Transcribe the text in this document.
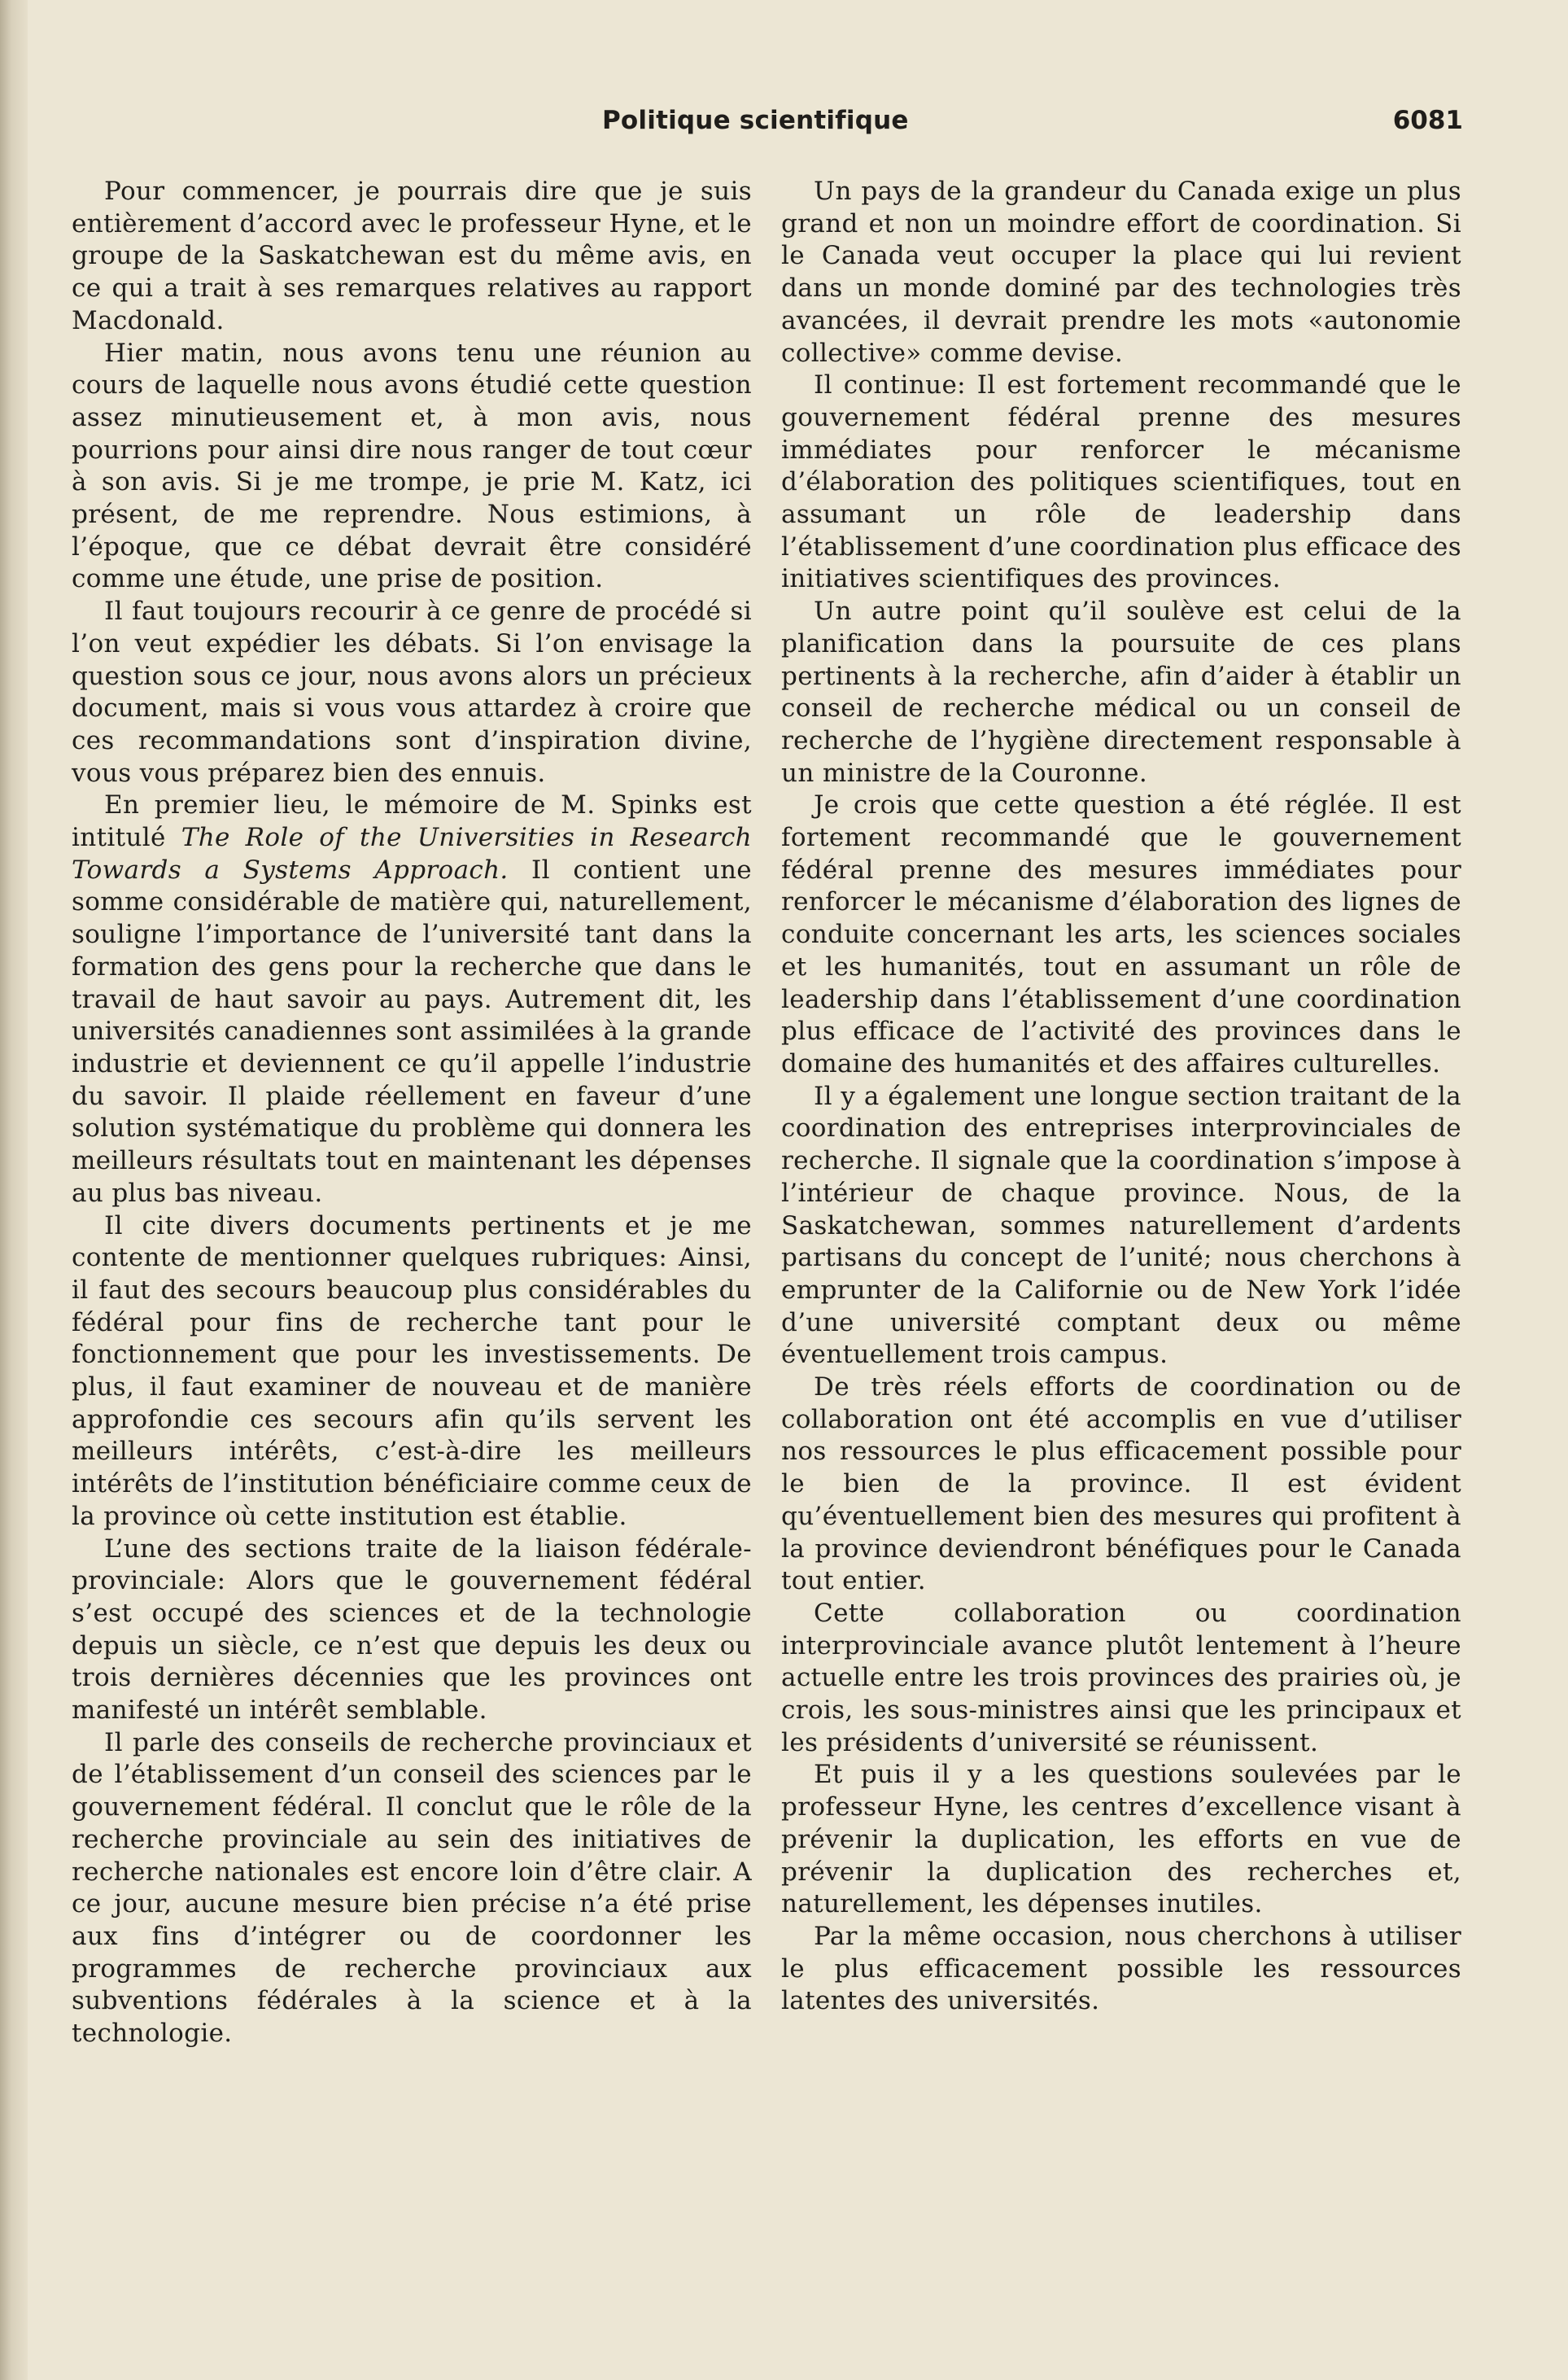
Politique scientifique	6081

Pour commencer, je pourrais dire que je suis entièrement d’accord avec le professeur Hyne, et le groupe de la Saskatchewan est du même avis, en ce qui a trait à ses remarques relatives au rapport Macdonald.

Hier matin, nous avons tenu une réunion au cours de laquelle nous avons étudié cette question assez minutieusement et, à mon avis, nous pourrions pour ainsi dire nous ranger de tout cœur à son avis. Si je me trompe, je prie M. Katz, ici présent, de me reprendre. Nous estimions, à l’époque, que ce débat devrait être considéré comme une étude, une prise de position.

Il faut toujours recourir à ce genre de procédé si l’on veut expédier les débats. Si l’on envisage la question sous ce jour, nous avons alors un précieux document, mais si vous vous attardez à croire que ces recommandations sont d’inspiration divine, vous vous préparez bien des ennuis.

En premier lieu, le mémoire de M. Spinks est intitulé The Role of the Universities in Research Towards a Systems Approach. Il contient une somme considérable de matière qui, naturellement, souligne l’importance de l’université tant dans la formation des gens pour la recherche que dans le travail de haut savoir au pays. Autrement dit, les universités canadiennes sont assimilées à la grande industrie et deviennent ce qu’il appelle l’industrie du savoir. Il plaide réellement en faveur d’une solution systématique du problème qui donnera les meilleurs résultats tout en maintenant les dépenses au plus bas niveau.

Il cite divers documents pertinents et je me contente de mentionner quelques rubriques: Ainsi, il faut des secours beaucoup plus considérables du fédéral pour fins de recherche tant pour le fonctionnement que pour les investissements. De plus, il faut examiner de nouveau et de manière approfondie ces secours afin qu’ils servent les meilleurs intérêts, c’est-à-dire les meilleurs intérêts de l’institution bénéficiaire comme ceux de la province où cette institution est établie.

L’une des sections traite de la liaison fédérale-provinciale: Alors que le gouvernement fédéral s’est occupé des sciences et de la technologie depuis un siècle, ce n’est que depuis les deux ou trois dernières décennies que les provinces ont manifesté un intérêt semblable.

Il parle des conseils de recherche provinciaux et de l’établissement d’un conseil des sciences par le gouvernement fédéral. Il conclut que le rôle de la recherche provinciale au sein des initiatives de recherche nationales est encore loin d’être clair. A ce jour, aucune mesure bien précise n’a été prise aux fins d’intégrer ou de coordonner les programmes de recherche provinciaux aux subventions fédérales à la science et à la technologie.

Un pays de la grandeur du Canada exige un plus grand et non un moindre effort de coordination. Si le Canada veut occuper la place qui lui revient dans un monde dominé par des technologies très avancées, il devrait prendre les mots «autonomie collective» comme devise.

Il continue: Il est fortement recommandé que le gouvernement fédéral prenne des mesures immédiates pour renforcer le mécanisme d’élaboration des politiques scientifiques, tout en assumant un rôle de leadership dans l’établissement d’une coordination plus efficace des initiatives scientifiques des provinces.

Un autre point qu’il soulève est celui de la planification dans la poursuite de ces plans pertinents à la recherche, afin d’aider à établir un conseil de recherche médical ou un conseil de recherche de l’hygiène directement responsable à un ministre de la Couronne.

Je crois que cette question a été réglée. Il est fortement recommandé que le gouvernement fédéral prenne des mesures immédiates pour renforcer le mécanisme d’élaboration des lignes de conduite concernant les arts, les sciences sociales et les humanités, tout en assumant un rôle de leadership dans l’établissement d’une coordination plus efficace de l’activité des provinces dans le domaine des humanités et des affaires culturelles.

Il y a également une longue section traitant de la coordination des entreprises interprovinciales de recherche. Il signale que la coordination s’impose à l’intérieur de chaque province. Nous, de la Saskatchewan, sommes naturellement d’ardents partisans du concept de l’unité; nous cherchons à emprunter de la Californie ou de New York l’idée d’une université comptant deux ou même éventuellement trois campus.

De très réels efforts de coordination ou de collaboration ont été accomplis en vue d’utiliser nos ressources le plus efficacement possible pour le bien de la province. Il est évident qu’éventuellement bien des mesures qui profitent à la province deviendront bénéfiques pour le Canada tout entier.

Cette collaboration ou coordination interprovinciale avance plutôt lentement à l’heure actuelle entre les trois provinces des prairies où, je crois, les sous-ministres ainsi que les principaux et les présidents d’université se réunissent.

Et puis il y a les questions soulevées par le professeur Hyne, les centres d’excellence visant à prévenir la duplication, les efforts en vue de prévenir la duplication des recherches et, naturellement, les dépenses inutiles.

Par la même occasion, nous cherchons à utiliser le plus efficacement possible les ressources latentes des universités.
